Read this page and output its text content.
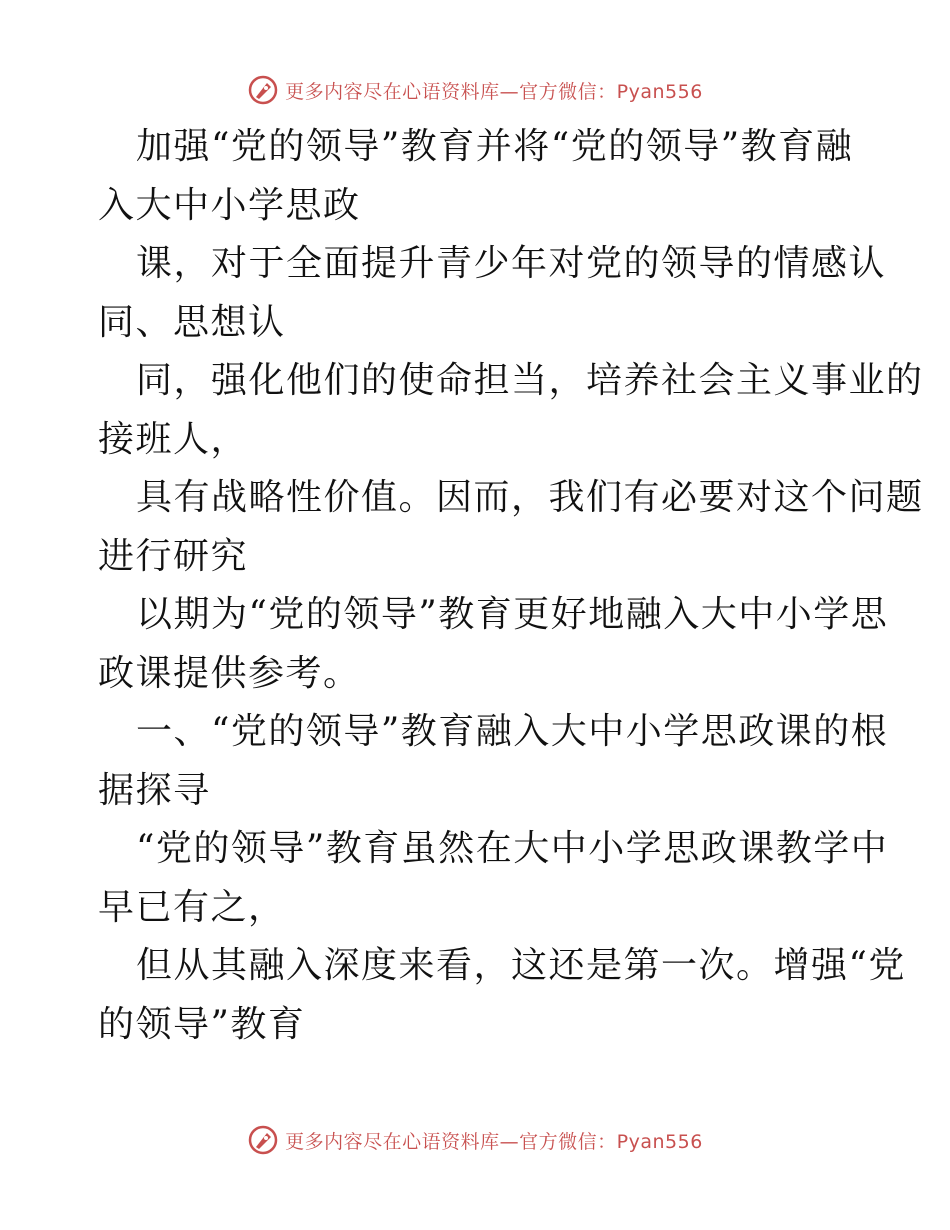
更多内容尽在心语资料库—官方微信：Pyan556
加强“党的领导”教育并将“党的领导”教育融
入大中小学思政
课，对于全面提升青少年对党的领导的情感认
同、思想认
同，强化他们的使命担当，培养社会主义事业的
接班人，
具有战略性价值。因而，我们有必要对这个问题
进行研究
以期为“党的领导”教育更好地融入大中小学思
政课提供参考。
一、“党的领导”教育融入大中小学思政课的根
据探寻
“党的领导”教育虽然在大中小学思政课教学中
早已有之，
但从其融入深度来看，这还是第一次。增强“党
的领导”教育
更多内容尽在心语资料库—官方微信：Pyan556
